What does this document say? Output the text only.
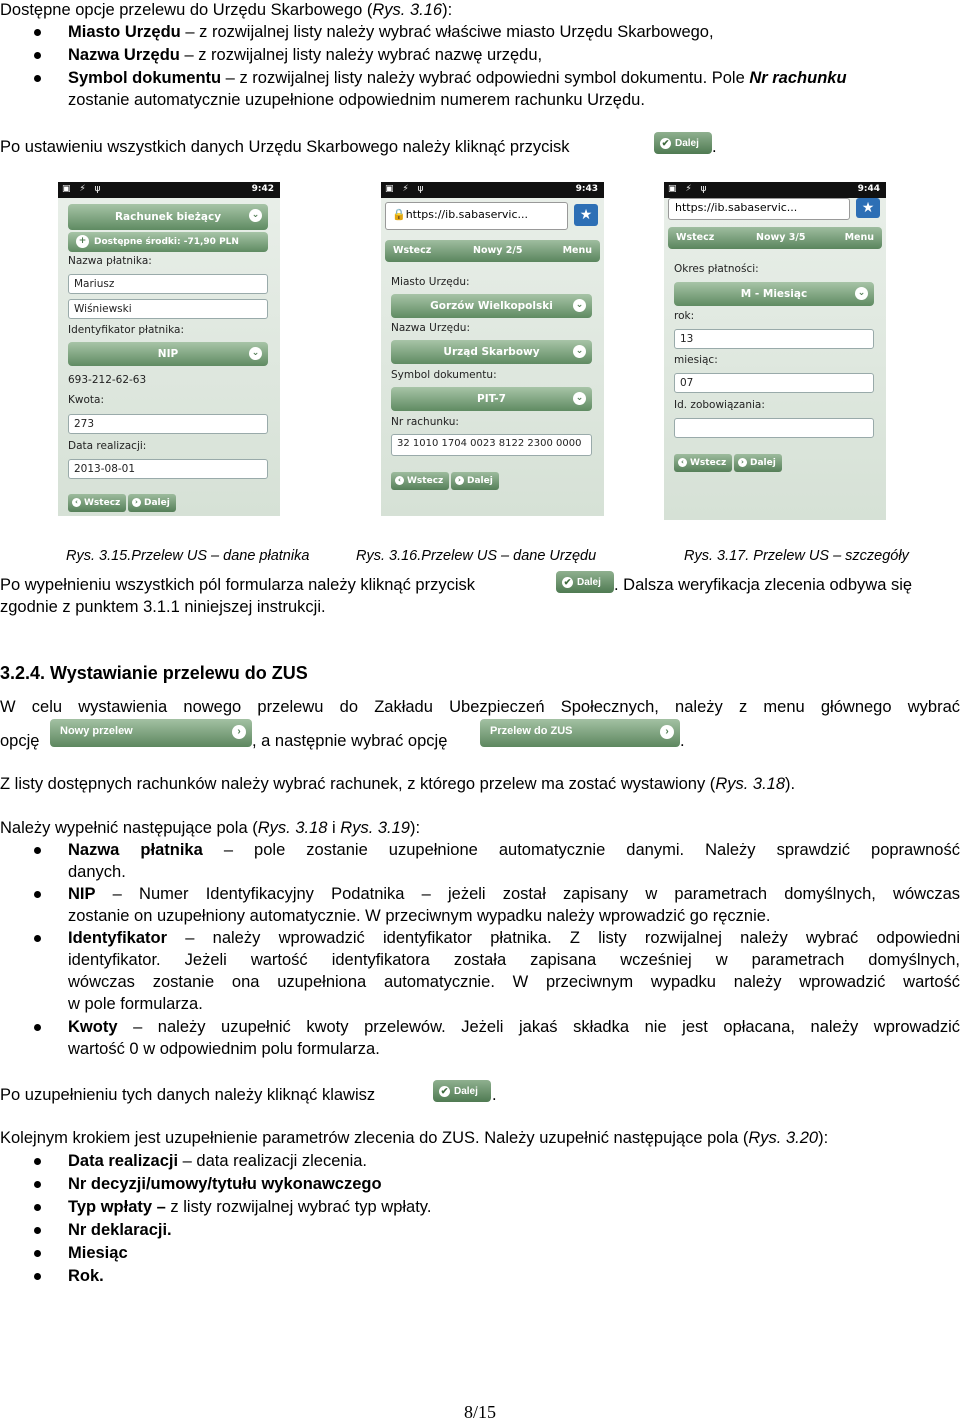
Dostępne opcje przelewu do Urzędu Skarbowego (Rys. 3.16):
Miasto Urzędu – z rozwijalnej listy należy wybrać właściwe miasto Urzędu Skarbowego,
Nazwa Urzędu – z rozwijalnej listy należy wybrać nazwę urzędu,
Symbol dokumentu – z rozwijalnej listy należy wybrać odpowiedni symbol dokumentu. Pole Nr rachunku
zostanie automatycznie uzupełnione odpowiednim numerem rachunku Urzędu.
Po ustawieniu wszystkich danych Urzędu Skarbowego należy kliknąć przycisk	✔ Dalej .
▣ ⚡ ψ	9:42
Rachunek bieżący	⌄
+ Dostępne środki: -71,90 PLN
Nazwa płatnika:
Mariusz
Wiśniewski
Identyfikator płatnika:
NIP	⌄
693-212-62-63
Kwota:
273
Data realizacji:
2013-08-01
‹ Wstecz	› Dalej
▣ ⚡ ψ	9:43
🔒https://ib.sabaservic...	★
Wstecz	Nowy 2/5	Menu
Miasto Urzędu:
Gorzów Wielkopolski	⌄
Nazwa Urzędu:
Urząd Skarbowy	⌄
Symbol dokumentu:
PIT-7	⌄
Nr rachunku:
32 1010 1704 0023 8122 2300 0000
‹ Wstecz	› Dalej
▣ ⚡ ψ	9:44
https://ib.sabaservic...	★
Wstecz	Nowy 3/5	Menu
Okres płatności:
M - Miesiąc	⌄
rok:
13
miesiąc:
07
Id. zobowiązania:
‹ Wstecz	› Dalej
Rys. 3.15.Przelew US – dane płatnika	Rys. 3.16.Przelew US – dane Urzędu	Rys. 3.17. Przelew US – szczegóły
Po wypełnieniu wszystkich pól formularza należy kliknąć przycisk	✔ Dalej . Dalsza weryfikacja zlecenia odbywa się
zgodnie z punktem 3.1.1 niniejszej instrukcji.
3.2.4. Wystawianie przelewu do ZUS
W celu wystawienia nowego przelewu do Zakładu Ubezpieczeń Społecznych, należy z menu głównego wybrać
opcję
Nowy przelew	›
, a następnie wybrać opcję
Przelew do ZUS	›
.
Z listy dostępnych rachunków należy wybrać rachunek, z którego przelew ma zostać wystawiony (Rys. 3.18).
Należy wypełnić następujące pola (Rys. 3.18 i Rys. 3.19):
Nazwa płatnika – pole zostanie uzupełnione automatycznie danymi. Należy sprawdzić poprawność
danych.
NIP – Numer Identyfikacyjny Podatnika – jeżeli został zapisany w parametrach domyślnych, wówczas
zostanie on uzupełniony automatycznie. W przeciwnym wypadku należy wprowadzić go ręcznie.
Identyfikator – należy wprowadzić identyfikator płatnika. Z listy rozwijalnej należy wybrać odpowiedni
identyfikator. Jeżeli wartość identyfikatora została zapisana wcześniej w parametrach domyślnych,
wówczas zostanie ona uzupełniona automatycznie. W przeciwnym wypadku należy wprowadzić wartość
w pole formularza.
Kwoty – należy uzupełnić kwoty przelewów. Jeżeli jakaś składka nie jest opłacana, należy wprowadzić
wartość 0 w odpowiednim polu formularza.
Po uzupełnieniu tych danych należy kliknąć klawisz	✔ Dalej .
Kolejnym krokiem jest uzupełnienie parametrów zlecenia do ZUS. Należy uzupełnić następujące pola (Rys. 3.20):
Data realizacji – data realizacji zlecenia.
Nr decyzji/umowy/tytułu wykonawczego
Typ wpłaty – z listy rozwijalnej wybrać typ wpłaty.
Nr deklaracji.
Miesiąc
Rok.
8/15
